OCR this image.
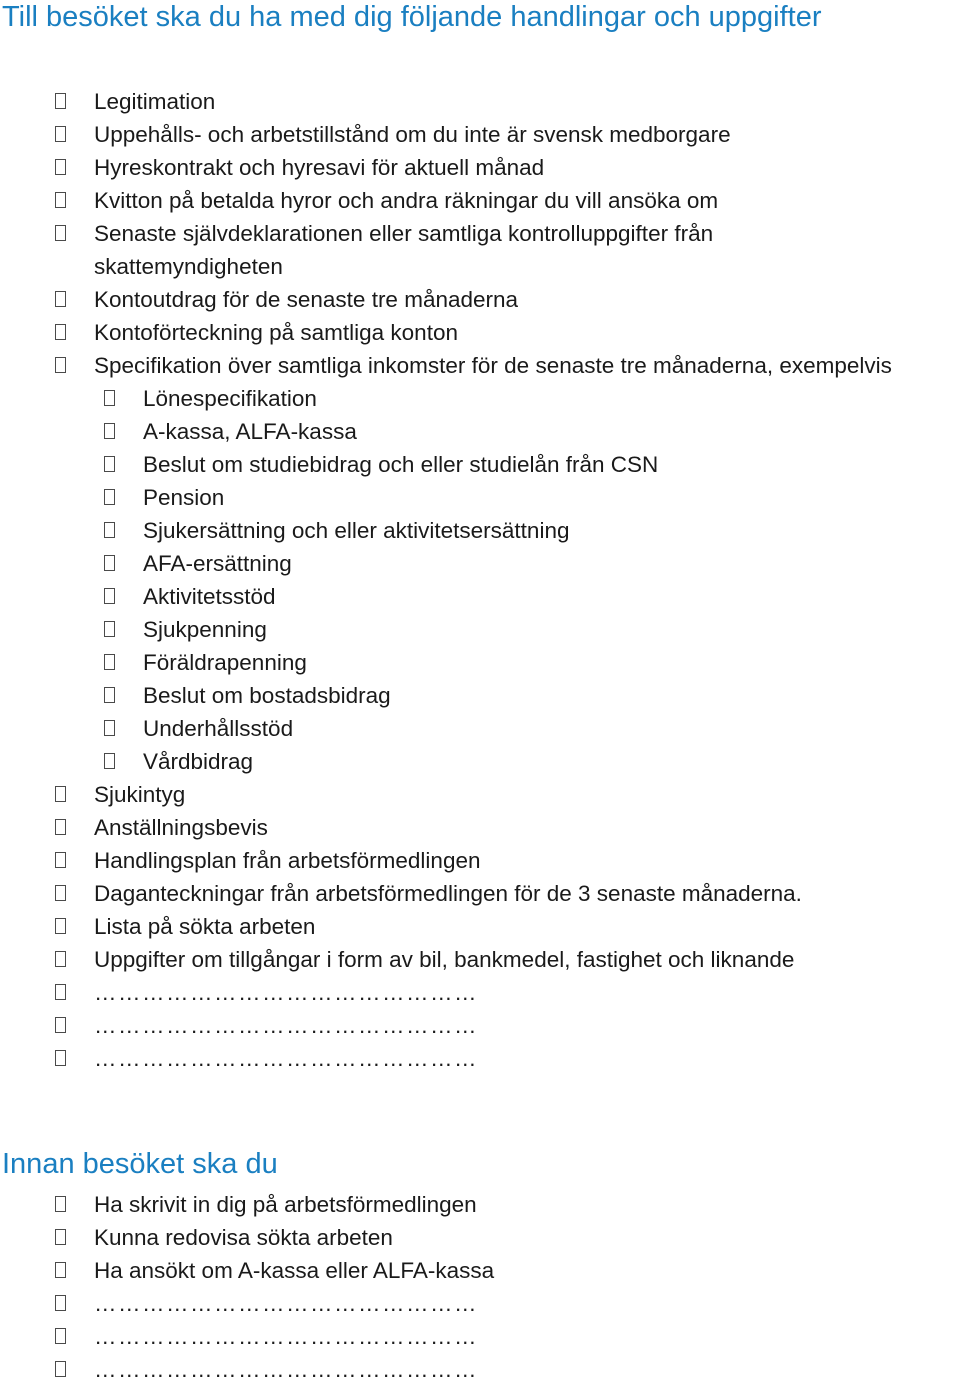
Till besöket ska du ha med dig följande handlingar och uppgifter
Legitimation
Uppehålls- och arbetstillstånd om du inte är svensk medborgare
Hyreskontrakt och hyresavi för aktuell månad
Kvitton på betalda hyror och andra räkningar du vill ansöka om
Senaste självdeklarationen eller samtliga kontrolluppgifter från skattemyndigheten
Kontoutdrag för de senaste tre månaderna
Kontoförteckning på samtliga konton
Specifikation över samtliga inkomster för de senaste tre månaderna, exempelvis
Lönespecifikation
A-kassa, ALFA-kassa
Beslut om studiebidrag och eller studielån från CSN
Pension
Sjukersättning och eller aktivitetsersättning
AFA-ersättning
Aktivitetsstöd
Sjukpenning
Föräldrapenning
Beslut om bostadsbidrag
Underhållsstöd
Vårdbidrag
Sjukintyg
Anställningsbevis
Handlingsplan från arbetsförmedlingen
Daganteckningar från arbetsförmedlingen för de 3 senaste månaderna.
Lista på sökta arbeten
Uppgifter om tillgångar i form av bil, bankmedel, fastighet och liknande
…………………………………………
…………………………………………
…………………………………………
Innan besöket ska du
Ha skrivit in dig på arbetsförmedlingen
Kunna redovisa sökta arbeten
Ha ansökt om A-kassa eller ALFA-kassa
…………………………………………
…………………………………………
…………………………………………
